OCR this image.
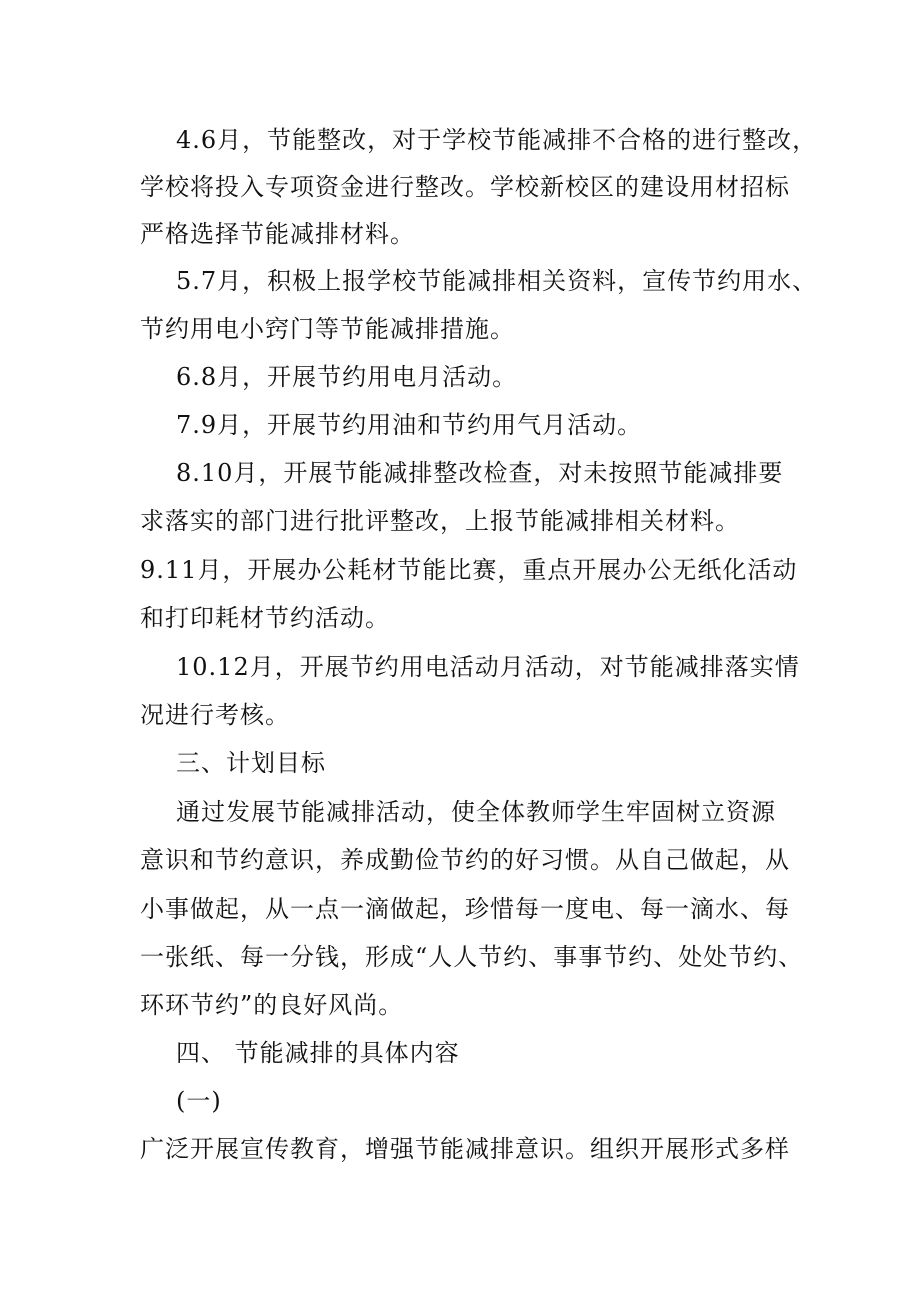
4.6月，节能整改，对于学校节能减排不合格的进行整改，
学校将投入专项资金进行整改。学校新校区的建设用材招标
严格选择节能减排材料。
5.7月，积极上报学校节能减排相关资料，宣传节约用水、
节约用电小窍门等节能减排措施。
6.8月，开展节约用电月活动。
7.9月，开展节约用油和节约用气月活动。
8.10月，开展节能减排整改检查，对未按照节能减排要
求落实的部门进行批评整改，上报节能减排相关材料。
9.11月，开展办公耗材节能比赛，重点开展办公无纸化活动
和打印耗材节约活动。
10.12月，开展节约用电活动月活动，对节能减排落实情
况进行考核。
三、计划目标
通过发展节能减排活动，使全体教师学生牢固树立资源
意识和节约意识，养成勤俭节约的好习惯。从自己做起，从
小事做起，从一点一滴做起，珍惜每一度电、每一滴水、每
一张纸、每一分钱，形成“人人节约、事事节约、处处节约、
环环节约”的良好风尚。
四、 节能减排的具体内容
(一)
广泛开展宣传教育，增强节能减排意识。组织开展形式多样
